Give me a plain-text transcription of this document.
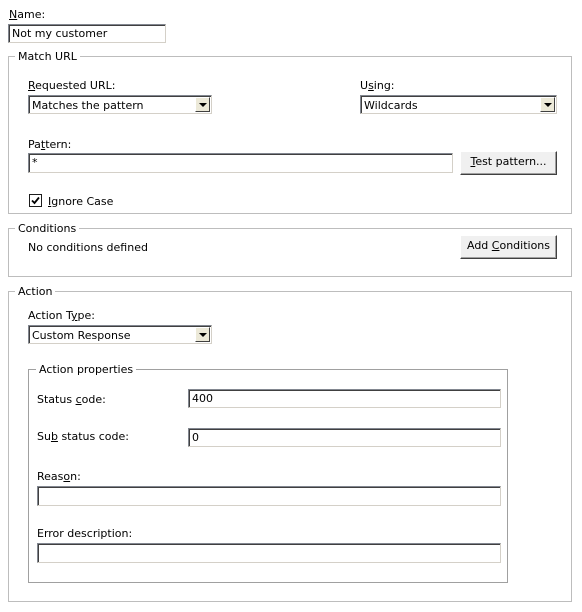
Name:
Not my customer
Match URL
Requested URL:
Matches the pattern
Using:
Wildcards
Pattern:
*	Test pattern...
Ignore Case
Conditions
No conditions defined	Add Conditions
Action
Action Type:
Custom Response
Action properties
Status code:	400
Sub status code:	0
Reason:
Error description:
